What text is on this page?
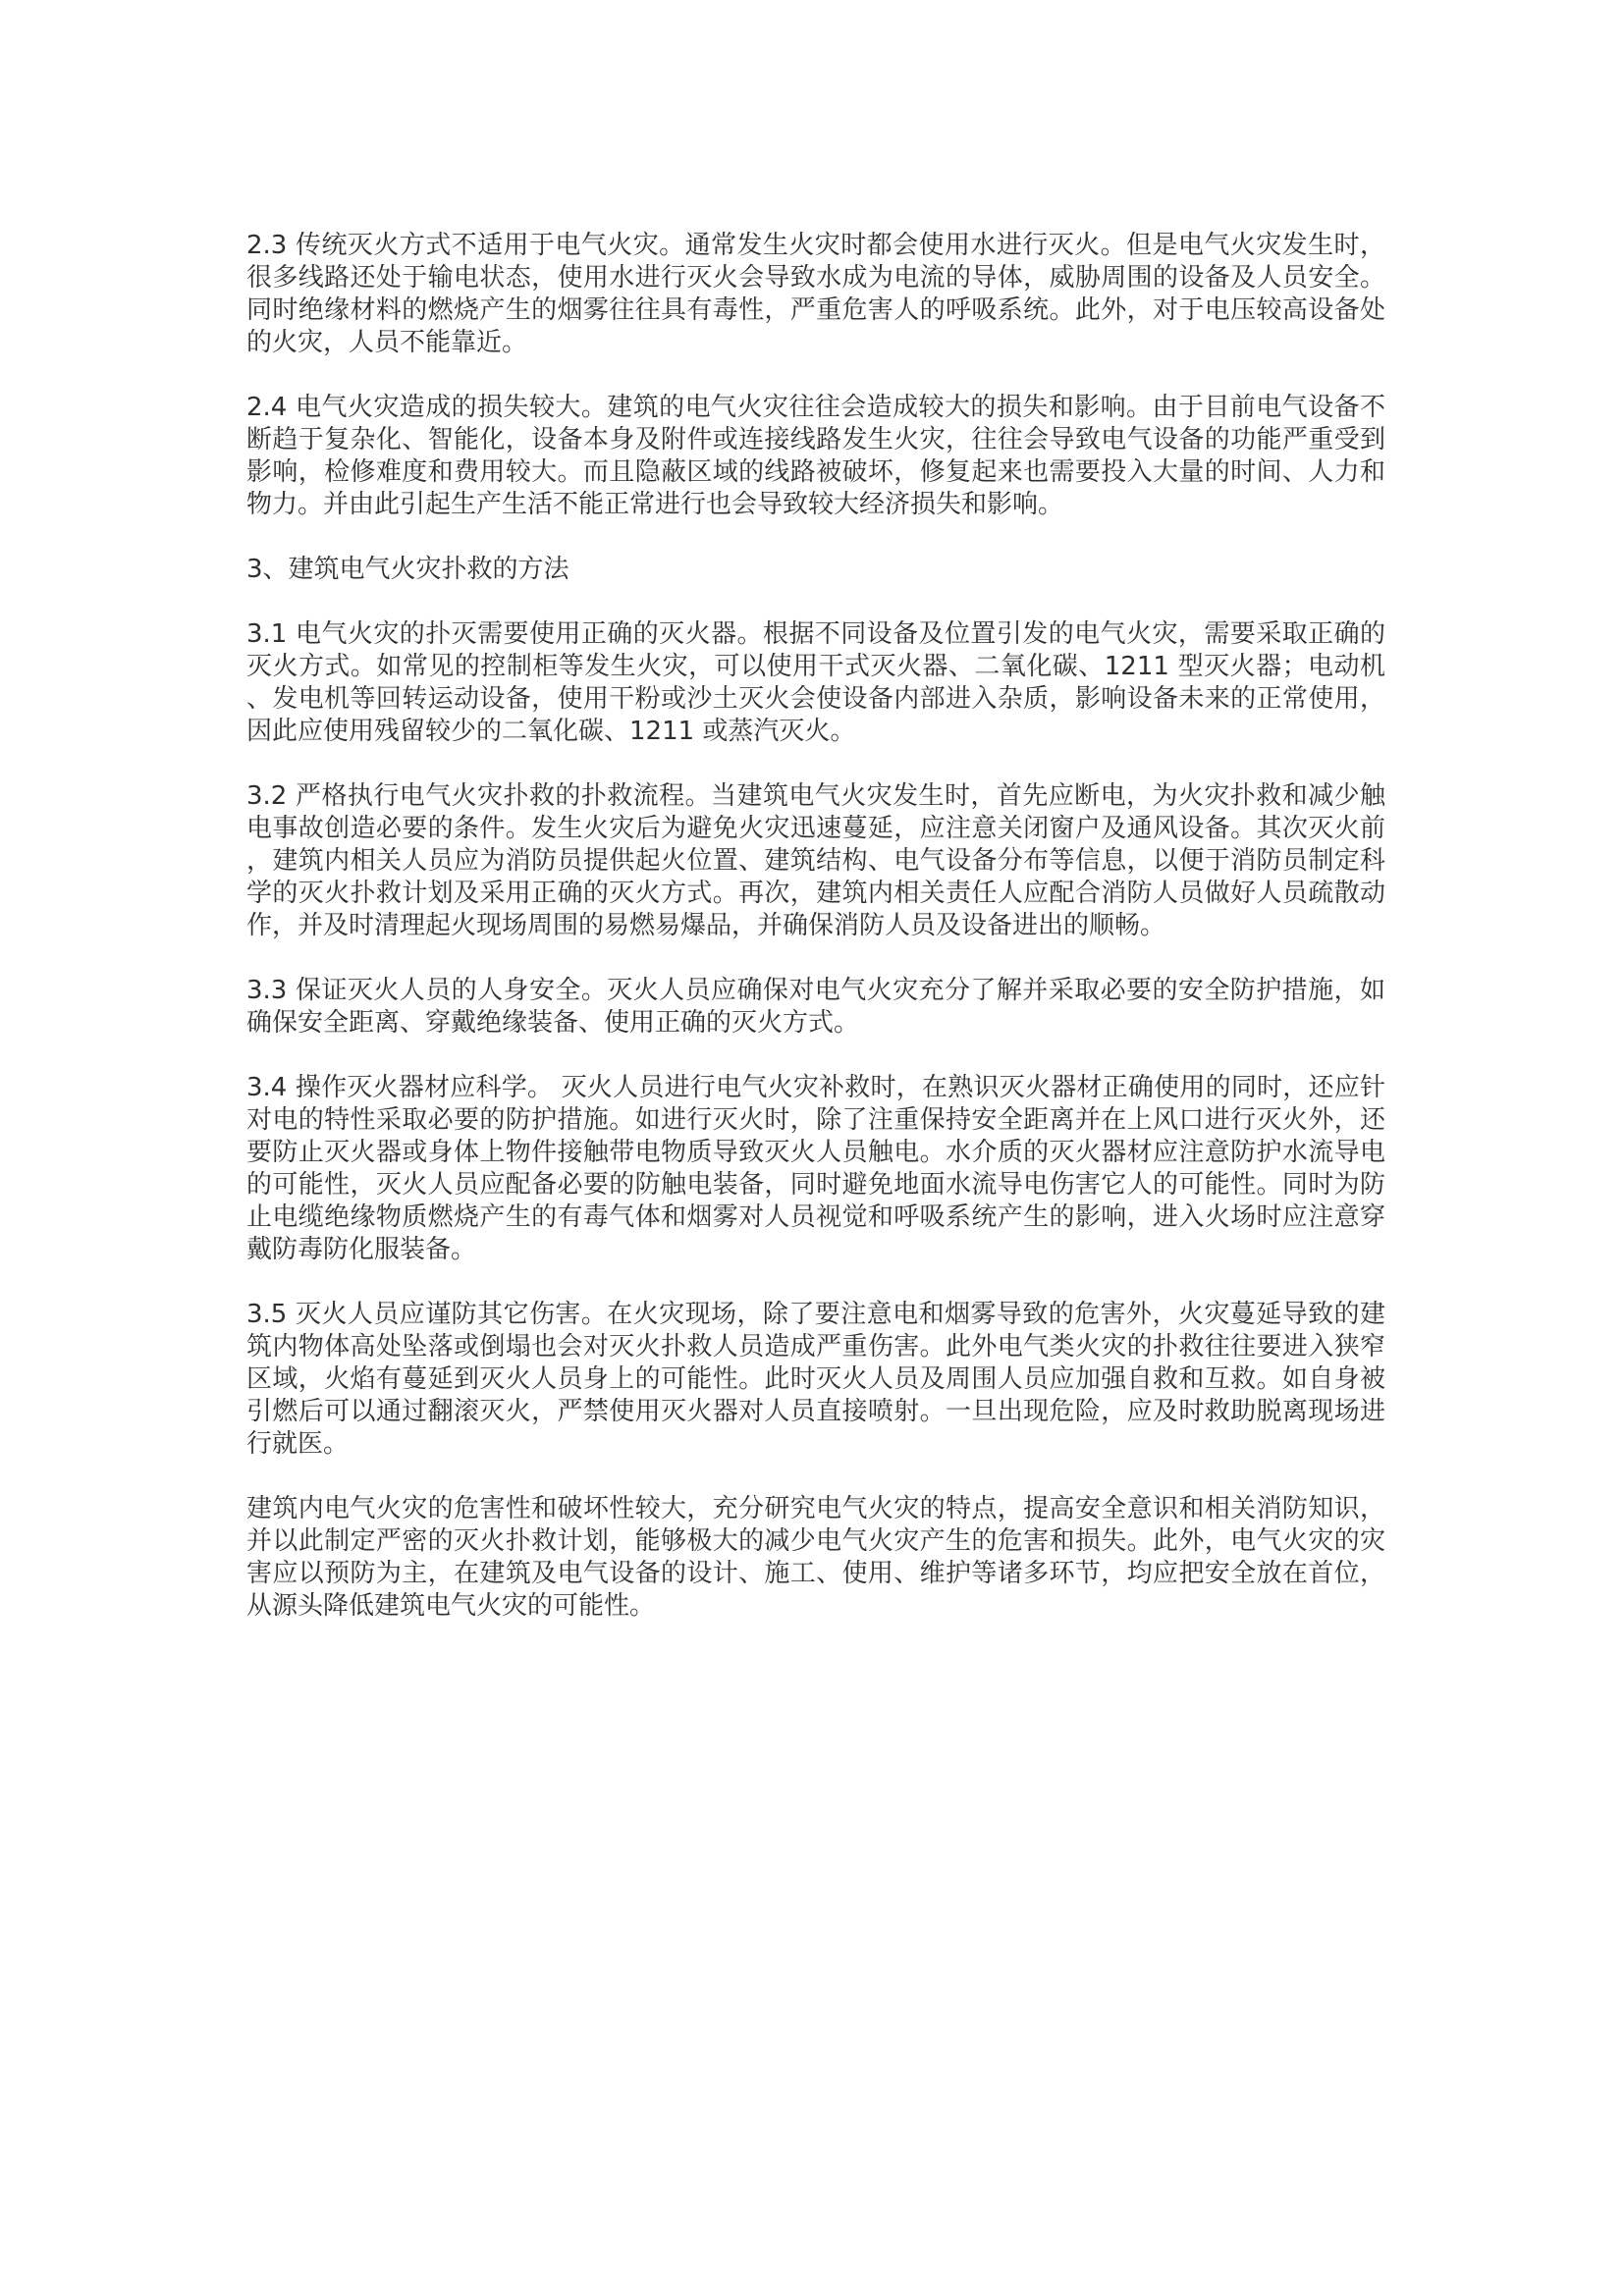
2.3 传统灭火方式不适用于电气火灾。通常发生火灾时都会使用水进行灭火。但是电气火灾发生时，很多线路还处于输电状态，使用水进行灭火会导致水成为电流的导体，威胁周围的设备及人员安全。同时绝缘材料的燃烧产生的烟雾往往具有毒性，严重危害人的呼吸系统。此外，对于电压较高设备处的火灾，人员不能靠近。

2.4 电气火灾造成的损失较大。建筑的电气火灾往往会造成较大的损失和影响。由于目前电气设备不断趋于复杂化、智能化，设备本身及附件或连接线路发生火灾，往往会导致电气设备的功能严重受到影响，检修难度和费用较大。而且隐蔽区域的线路被破坏，修复起来也需要投入大量的时间、人力和物力。并由此引起生产生活不能正常进行也会导致较大经济损失和影响。

3、建筑电气火灾扑救的方法

3.1 电气火灾的扑灭需要使用正确的灭火器。根据不同设备及位置引发的电气火灾，需要采取正确的灭火方式。如常见的控制柜等发生火灾，可以使用干式灭火器、二氧化碳、1211 型灭火器；电动机、发电机等回转运动设备，使用干粉或沙土灭火会使设备内部进入杂质，影响设备未来的正常使用，因此应使用残留较少的二氧化碳、1211 或蒸汽灭火。

3.2 严格执行电气火灾扑救的扑救流程。当建筑电气火灾发生时，首先应断电，为火灾扑救和减少触电事故创造必要的条件。发生火灾后为避免火灾迅速蔓延，应注意关闭窗户及通风设备。其次灭火前，建筑内相关人员应为消防员提供起火位置、建筑结构、电气设备分布等信息，以便于消防员制定科学的灭火扑救计划及采用正确的灭火方式。再次，建筑内相关责任人应配合消防人员做好人员疏散动作，并及时清理起火现场周围的易燃易爆品，并确保消防人员及设备进出的顺畅。

3.3 保证灭火人员的人身安全。灭火人员应确保对电气火灾充分了解并采取必要的安全防护措施，如确保安全距离、穿戴绝缘装备、使用正确的灭火方式。

3.4 操作灭火器材应科学。 灭火人员进行电气火灾补救时，在熟识灭火器材正确使用的同时，还应针对电的特性采取必要的防护措施。如进行灭火时，除了注重保持安全距离并在上风口进行灭火外，还要防止灭火器或身体上物件接触带电物质导致灭火人员触电。水介质的灭火器材应注意防护水流导电的可能性，灭火人员应配备必要的防触电装备，同时避免地面水流导电伤害它人的可能性。同时为防止电缆绝缘物质燃烧产生的有毒气体和烟雾对人员视觉和呼吸系统产生的影响，进入火场时应注意穿戴防毒防化服装备。

3.5 灭火人员应谨防其它伤害。在火灾现场，除了要注意电和烟雾导致的危害外，火灾蔓延导致的建筑内物体高处坠落或倒塌也会对灭火扑救人员造成严重伤害。此外电气类火灾的扑救往往要进入狭窄区域，火焰有蔓延到灭火人员身上的可能性。此时灭火人员及周围人员应加强自救和互救。如自身被引燃后可以通过翻滚灭火，严禁使用灭火器对人员直接喷射。一旦出现危险，应及时救助脱离现场进行就医。

建筑内电气火灾的危害性和破坏性较大，充分研究电气火灾的特点，提高安全意识和相关消防知识，并以此制定严密的灭火扑救计划，能够极大的减少电气火灾产生的危害和损失。此外，电气火灾的灾害应以预防为主，在建筑及电气设备的设计、施工、使用、维护等诸多环节，均应把安全放在首位，从源头降低建筑电气火灾的可能性。
